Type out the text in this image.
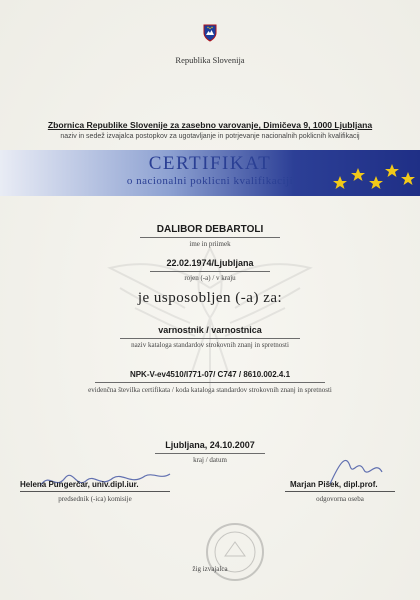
Republika Slovenija
Zbornica Republike Slovenije za zasebno varovanje, Dimičeva 9, 1000 Ljubljana
naziv in sedež izvajalca postopkov za ugotavljanje in potrjevanje nacionalnih poklicnih kvalifikacij
CERTIFIKAT
o nacionalni poklicni kvalifikaciji
DALIBOR DEBARTOLI
ime in priimek
22.02.1974/Ljubljana
rojen (-a) / v kraju
je usposobljen (-a) za:
varnostnik / varnostnica
naziv kataloga standardov strokovnih znanj in spretnosti
NPK-V-ev4510/I771-07/ C747 / 8610.002.4.1
evidenčna številka certifikata / koda kataloga standardov strokovnih znanj in spretnosti
Ljubljana, 24.10.2007
kraj / datum
Helena Pungerčar, univ.dipl.iur.
predsednik (-ica) komisije
Marjan Pišek, dipl.prof.
odgovorna oseba
žig izvajalca
